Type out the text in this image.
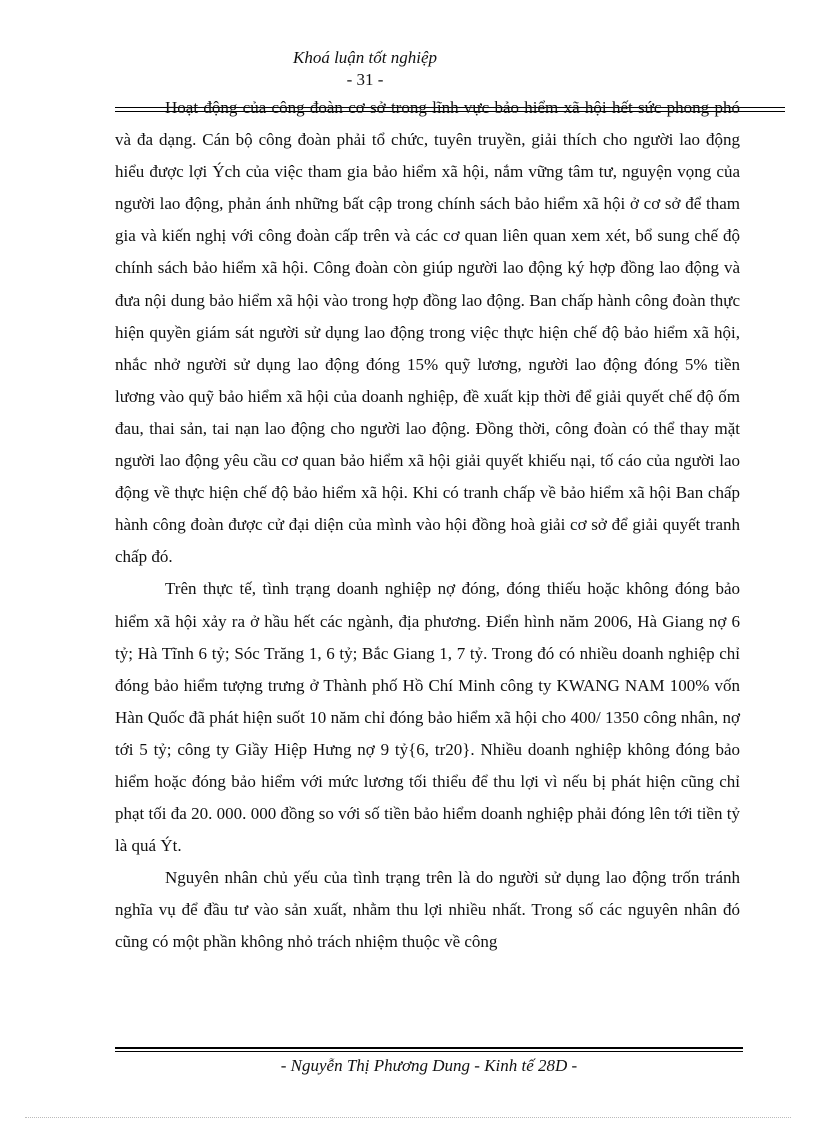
Khoá luận tốt nghiệp
- 31 -

Hoạt động của công đoàn cơ sở trong lĩnh vực bảo hiểm xã hội hết sức phong phó và đa dạng. Cán bộ công đoàn phải tổ chức, tuyên truyền, giải thích cho người lao động hiểu được lợi Ých của việc tham gia bảo hiểm xã hội, nắm vững tâm tư, nguyện vọng của người lao động, phản ánh những bất cập trong chính sách bảo hiểm xã hội ở cơ sở để tham gia và kiến nghị với công đoàn cấp trên và các cơ quan liên quan xem xét, bổ sung chế độ chính sách bảo hiểm xã hội. Công đoàn còn giúp người lao động ký hợp đồng lao động và đưa nội dung bảo hiểm xã hội vào trong hợp đồng lao động. Ban chấp hành công đoàn thực hiện quyền giám sát người sử dụng lao động trong việc thực hiện chế độ bảo hiểm xã hội, nhắc nhở người sử dụng lao động đóng 15% quỹ lương, người lao động đóng 5% tiền lương vào quỹ bảo hiểm xã hội của doanh nghiệp, đề xuất kịp thời để giải quyết chế độ ốm đau, thai sản, tai nạn lao động cho người lao động. Đồng thời, công đoàn có thể thay mặt người lao động yêu cầu cơ quan bảo hiểm xã hội giải quyết khiếu nại, tố cáo của người lao động về thực hiện chế độ bảo hiểm xã hội. Khi có tranh chấp về bảo hiểm xã hội Ban chấp hành công đoàn được cử đại diện của mình vào hội đồng hoà giải cơ sở để giải quyết tranh chấp đó.

Trên thực tế, tình trạng doanh nghiệp nợ đóng, đóng thiếu hoặc không đóng bảo hiểm xã hội xảy ra ở hầu hết các ngành, địa phương. Điển hình năm 2006, Hà Giang nợ 6 tỷ; Hà Tĩnh 6 tỷ; Sóc Trăng 1, 6 tỷ; Bắc Giang 1, 7 tỷ. Trong đó có nhiều doanh nghiệp chỉ đóng bảo hiểm tượng trưng ở Thành phố Hồ Chí Minh công ty KWANG NAM 100% vốn Hàn Quốc đã phát hiện suốt 10 năm chỉ đóng bảo hiểm xã hội cho 400/ 1350 công nhân, nợ tới 5 tỷ; công ty Giầy Hiệp Hưng nợ 9 tỷ{6, tr20}. Nhiều doanh nghiệp không đóng bảo hiểm hoặc đóng bảo hiểm với mức lương tối thiểu để thu lợi vì nếu bị phát hiện cũng chỉ phạt tối đa 20. 000. 000 đồng so với số tiền bảo hiểm doanh nghiệp phải đóng lên tới tiền tỷ là quá Ýt.

Nguyên nhân chủ yếu của tình trạng trên là do người sử dụng lao động trốn tránh nghĩa vụ để đầu tư vào sản xuất, nhằm thu lợi nhiều nhất. Trong số các nguyên nhân đó cũng có một phần không nhỏ trách nhiệm thuộc về công

- Nguyễn Thị Phương Dung - Kinh tế 28D -
